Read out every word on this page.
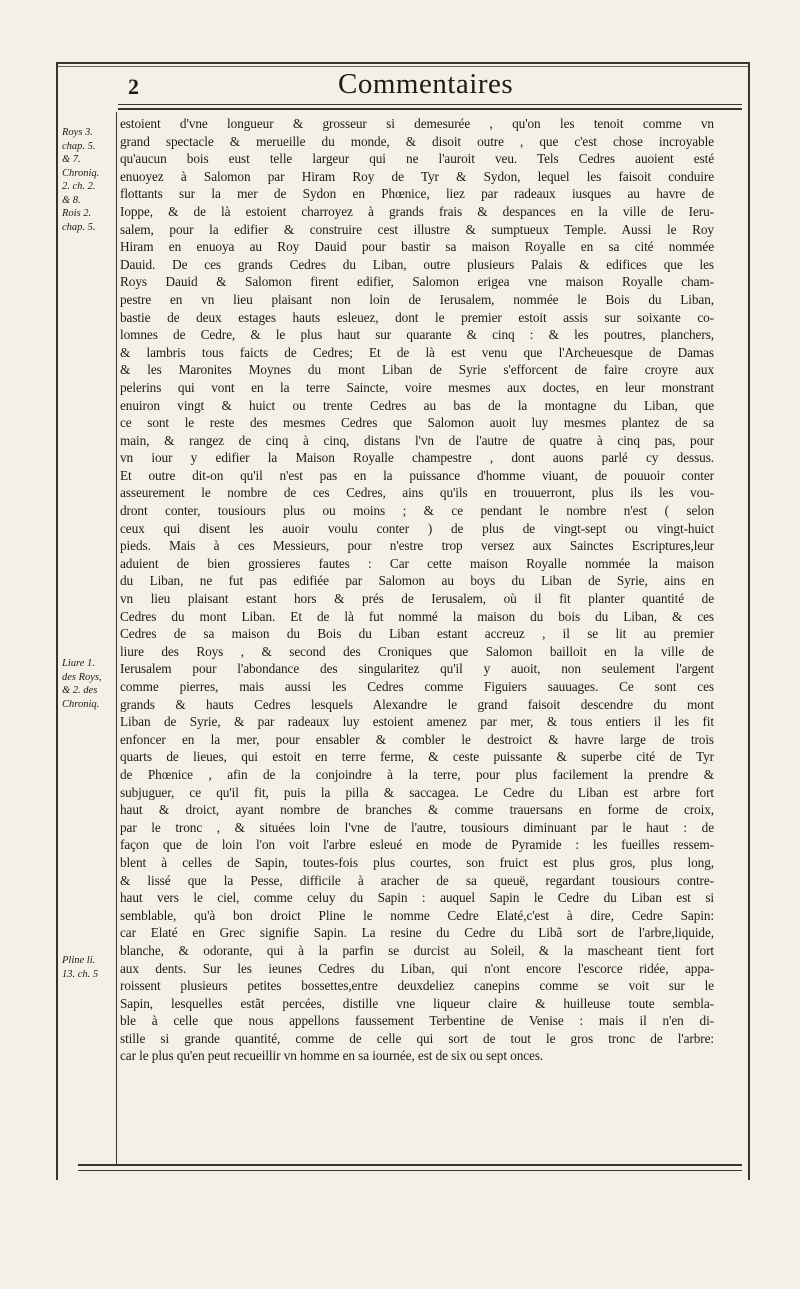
2	Commentaires
Roys 3.
chap. 5.
& 7.
Chroniq.
2. ch. 2.
& 8.
Rois 2.
chap. 5.
Liure 1.
des Roys,
& 2. des
Chroniq.
Pline li.
13. ch. 5
estoient d'vne longueur & grosseur si demesurée , qu'on les tenoit comme vn
grand spectacle & merueille du monde, & disoit outre , que c'est chose incroyable
qu'aucun bois eust telle largeur qui ne l'auroit veu. Tels Cedres auoient esté
enuoyez à Salomon par Hiram Roy de Tyr & Sydon, lequel les faisoit conduire
flottants sur la mer de Sydon en Phœnice, liez par radeaux iusques au havre de
Ioppe, & de là estoient charroyez à grands frais & despances en la ville de Ieru-
salem, pour la edifier & construire cest illustre & sumptueux Temple. Aussi le Roy
Hiram en enuoya au Roy Dauid pour bastir sa maison Royalle en sa cité nommée
Dauid. De ces grands Cedres du Liban, outre plusieurs Palais & edifices que les
Roys Dauid & Salomon firent edifier, Salomon erigea vne maison Royalle cham-
pestre en vn lieu plaisant non loin de Ierusalem, nommée le Bois du Liban,
bastie de deux estages hauts esleuez, dont le premier estoit assis sur soixante co-
lomnes de Cedre, & le plus haut sur quarante & cinq : & les poutres, planchers,
& lambris tous faicts de Cedres; Et de là est venu que l'Archeuesque de Damas
& les Maronites Moynes du mont Liban de Syrie s'efforcent de faire croyre aux
pelerins qui vont en la terre Saincte, voire mesmes aux doctes, en leur monstrant
enuiron vingt & huict ou trente Cedres au bas de la montagne du Liban, que
ce sont le reste des mesmes Cedres que Salomon auoit luy mesmes plantez de sa
main, & rangez de cinq à cinq, distans l'vn de l'autre de quatre à cinq pas, pour
vn iour y edifier la Maison Royalle champestre , dont auons parlé cy dessus.
Et outre dit-on qu'il n'est pas en la puissance d'homme viuant, de pouuoir conter
asseurement le nombre de ces Cedres, ains qu'ils en trouuerront, plus ils les vou-
dront conter, tousiours plus ou moins ; & ce pendant le nombre n'est ( selon
ceux qui disent les auoir voulu conter ) de plus de vingt-sept ou vingt-huict
pieds. Mais à ces Messieurs, pour n'estre trop versez aux Sainctes Escriptures,leur
aduient de bien grossieres fautes : Car cette maison Royalle nommée la maison
du Liban, ne fut pas edifiée par Salomon au boys du Liban de Syrie, ains en
vn lieu plaisant estant hors & prés de Ierusalem, où il fit planter quantité de
Cedres du mont Liban. Et de là fut nommé la maison du bois du Liban, & ces
Cedres de sa maison du Bois du Liban estant accreuz , il se lit au premier
liure des Roys , & second des Croniques que Salomon bailloit en la ville de
Ierusalem pour l'abondance des singularitez qu'il y auoit, non seulement l'argent
comme pierres, mais aussi les Cedres comme Figuiers sauuages. Ce sont ces
grands & hauts Cedres lesquels Alexandre le grand faisoit descendre du mont
Liban de Syrie, & par radeaux luy estoient amenez par mer, & tous entiers il les fit
enfoncer en la mer, pour ensabler & combler le destroict & havre large de trois
quarts de lieues, qui estoit en terre ferme, & ceste puissante & superbe cité de Tyr
de Phœnice , afin de la conjoindre à la terre, pour plus facilement la prendre &
subjuguer, ce qu'il fit, puis la pilla & saccagea. Le Cedre du Liban est arbre fort
haut & droict, ayant nombre de branches & comme trauersans en forme de croix,
par le tronc , & situées loin l'vne de l'autre, tousiours diminuant par le haut : de
façon que de loin l'on voit l'arbre esleué en mode de Pyramide : les fueilles ressem-
blent à celles de Sapin, toutes-fois plus courtes, son fruict est plus gros, plus long,
& lissé que la Pesse, difficile à aracher de sa queuë, regardant tousiours contre-
haut vers le ciel, comme celuy du Sapin : auquel Sapin le Cedre du Liban est si
semblable, qu'à bon droict Pline le nomme Cedre Elaté,c'est à dire, Cedre Sapin:
car Elaté en Grec signifie Sapin. La resine du Cedre du Libã sort de l'arbre,liquide,
blanche, & odorante, qui à la parfin se durcist au Soleil, & la mascheant tient fort
aux dents. Sur les ieunes Cedres du Liban, qui n'ont encore l'escorce ridée, appa-
roissent plusieurs petites bossettes,entre deuxdeliez canepins comme se voit sur le
Sapin, lesquelles estãt percées, distille vne liqueur claire & huilleuse toute sembla-
ble à celle que nous appellons faussement Terbentine de Venise : mais il n'en di-
stille si grande quantité, comme de celle qui sort de tout le gros tronc de l'arbre:
car le plus qu'en peut recueillir vn homme en sa iournée, est de six ou sept onces.
